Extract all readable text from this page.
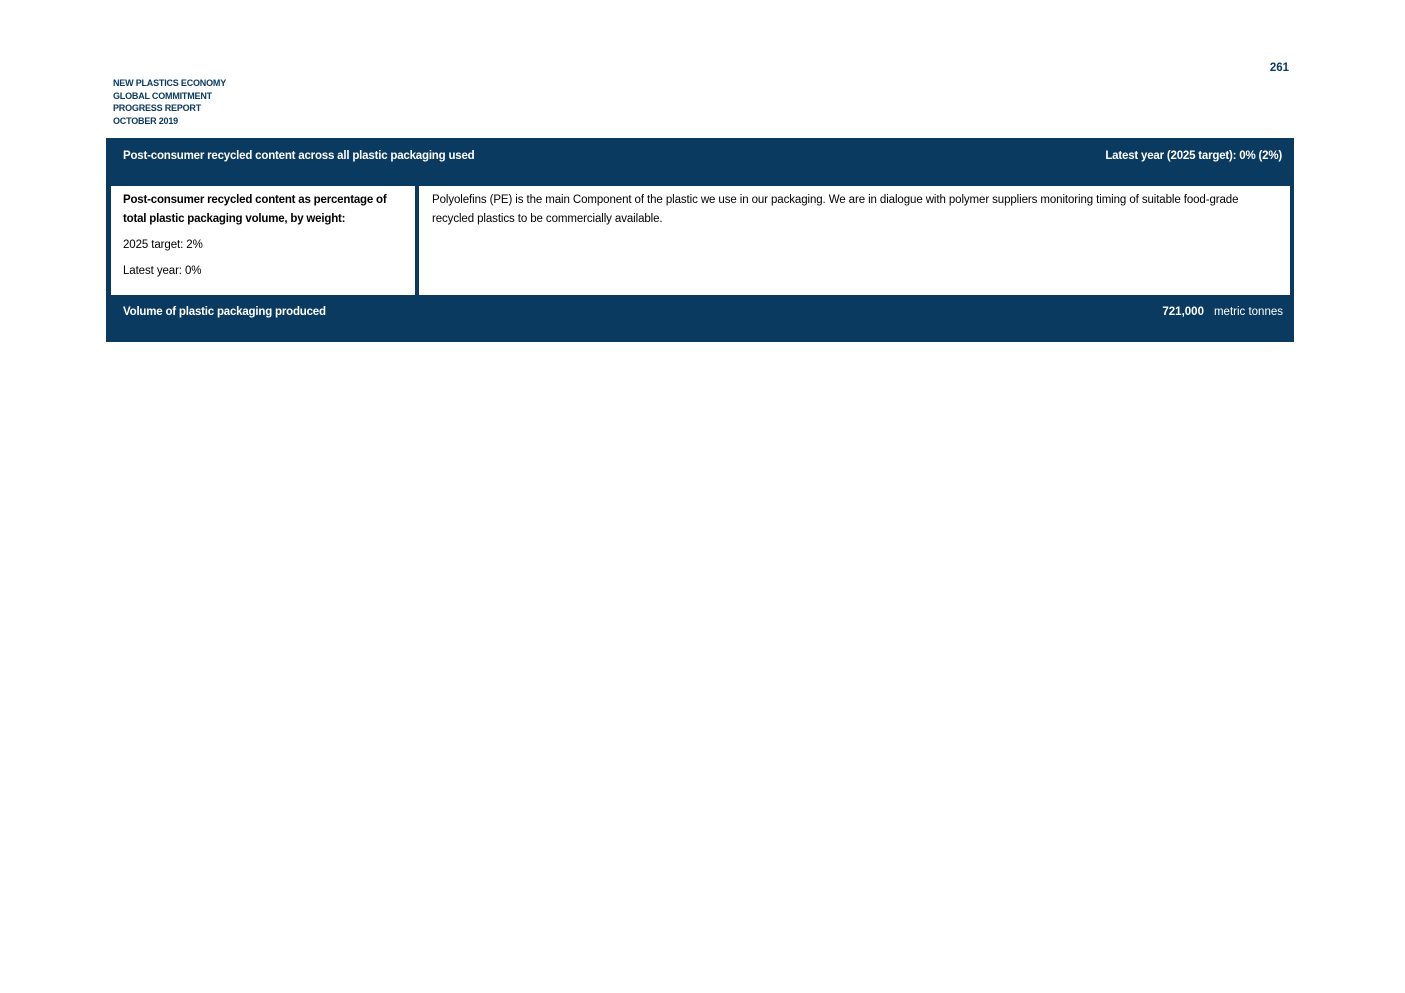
NEW PLASTICS ECONOMY
GLOBAL COMMITMENT
PROGRESS REPORT
OCTOBER 2019
261
Post-consumer recycled content across all plastic packaging used	Latest year (2025 target): 0% (2%)
Post-consumer recycled content as percentage of total plastic packaging volume, by weight:
2025 target: 2%
Latest year: 0%
Polyolefins (PE) is the main Component of the plastic we use in our packaging. We are in dialogue with polymer suppliers monitoring timing of suitable food-grade recycled plastics to be commercially available.
Volume of plastic packaging produced	721,000 metric tonnes
